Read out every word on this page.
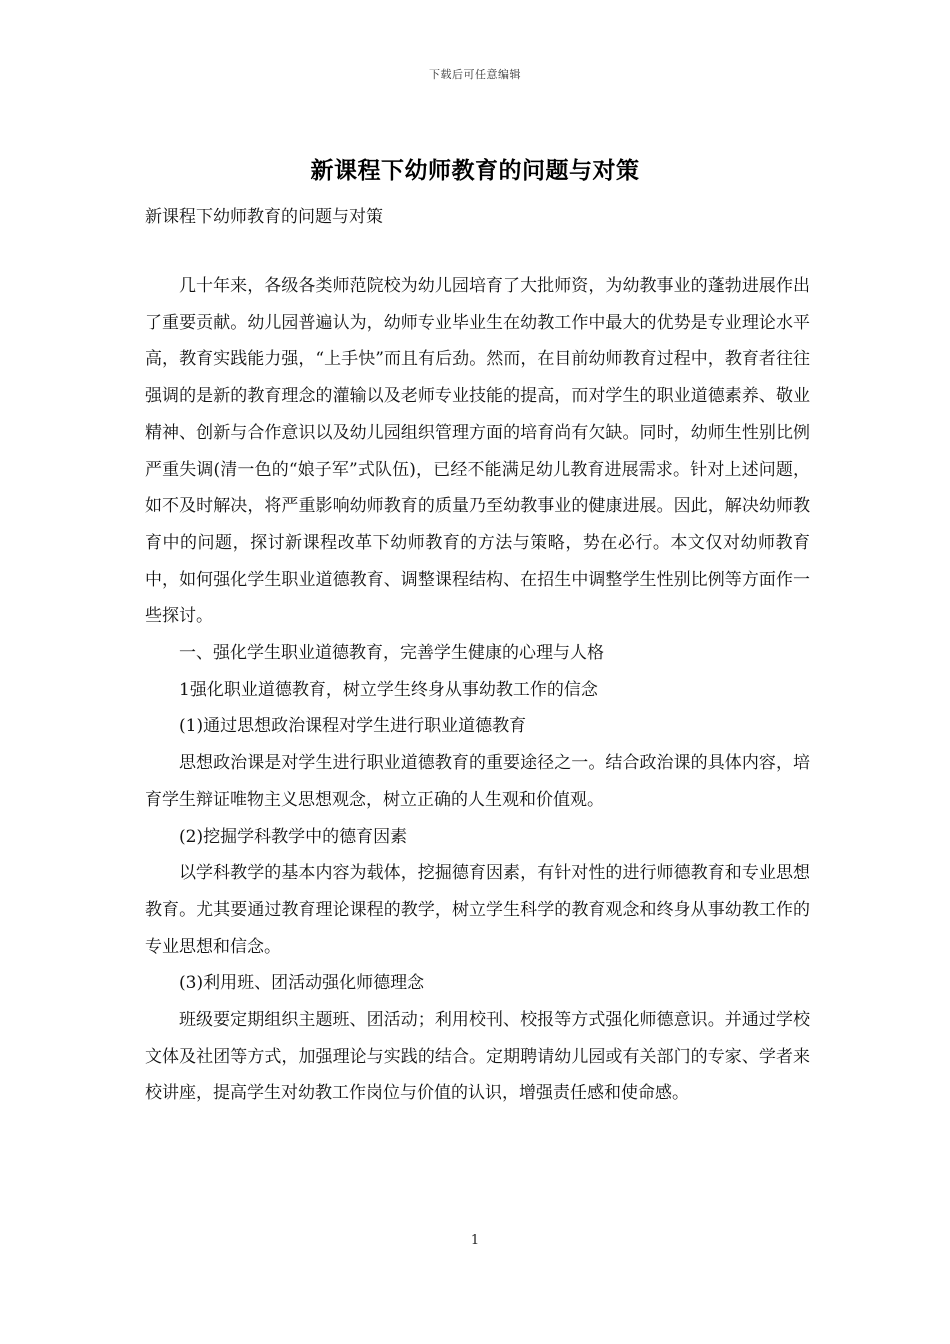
下载后可任意编辑
新课程下幼师教育的问题与对策
新课程下幼师教育的问题与对策

几十年来，各级各类师范院校为幼儿园培育了大批师资，为幼教事业的蓬勃进展作出了重要贡献。幼儿园普遍认为，幼师专业毕业生在幼教工作中最大的优势是专业理论水平高，教育实践能力强，“上手快”而且有后劲。然而，在目前幼师教育过程中，教育者往往强调的是新的教育理念的灌输以及老师专业技能的提高，而对学生的职业道德素养、敬业精神、创新与合作意识以及幼儿园组织管理方面的培育尚有欠缺。同时，幼师生性别比例严重失调(清一色的“娘子军”式队伍)，已经不能满足幼儿教育进展需求。针对上述问题，如不及时解决，将严重影响幼师教育的质量乃至幼教事业的健康进展。因此，解决幼师教育中的问题，探讨新课程改革下幼师教育的方法与策略，势在必行。本文仅对幼师教育中，如何强化学生职业道德教育、调整课程结构、在招生中调整学生性别比例等方面作一些探讨。

一、强化学生职业道德教育，完善学生健康的心理与人格

1强化职业道德教育，树立学生终身从事幼教工作的信念

(1)通过思想政治课程对学生进行职业道德教育

思想政治课是对学生进行职业道德教育的重要途径之一。结合政治课的具体内容，培育学生辩证唯物主义思想观念，树立正确的人生观和价值观。

(2)挖掘学科教学中的德育因素

以学科教学的基本内容为载体，挖掘德育因素，有针对性的进行师德教育和专业思想教育。尤其要通过教育理论课程的教学，树立学生科学的教育观念和终身从事幼教工作的专业思想和信念。

(3)利用班、团活动强化师德理念

班级要定期组织主题班、团活动；利用校刊、校报等方式强化师德意识。并通过学校文体及社团等方式，加强理论与实践的结合。定期聘请幼儿园或有关部门的专家、学者来校讲座，提高学生对幼教工作岗位与价值的认识，增强责任感和使命感。

1
